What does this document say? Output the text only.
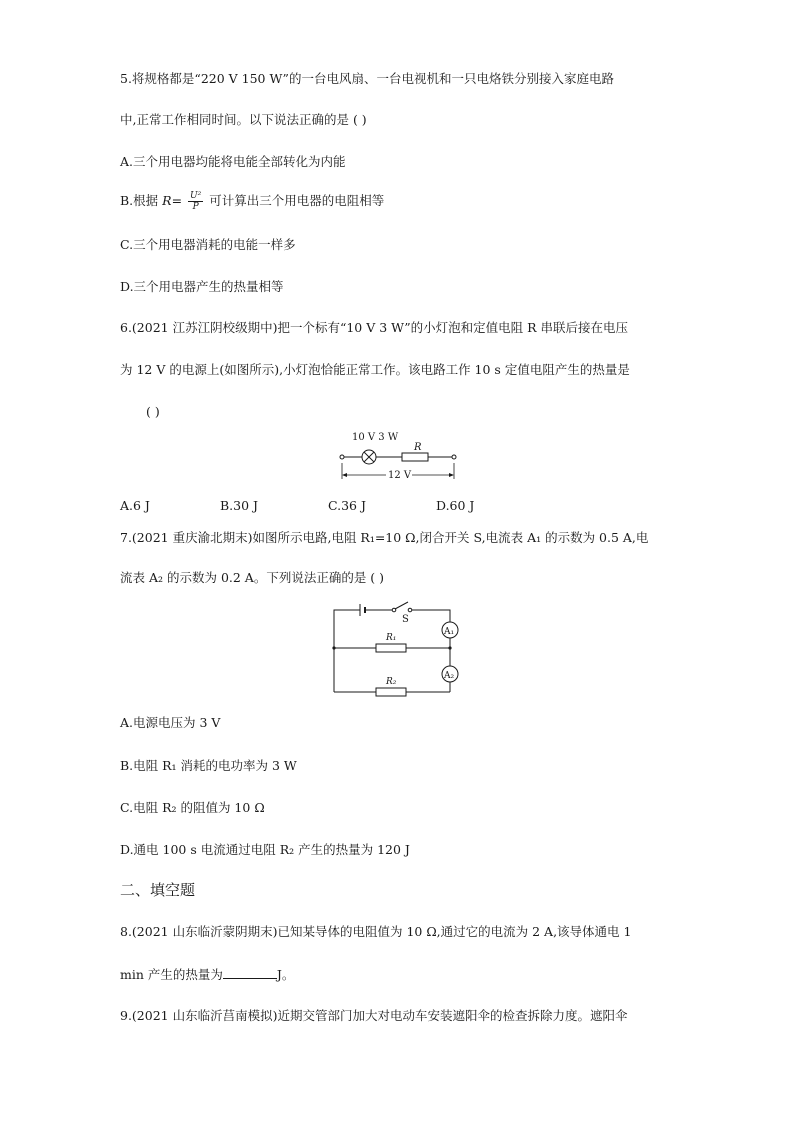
5.将规格都是“220 V 150 W”的一台电风扇、一台电视机和一只电烙铁分别接入家庭电路
中,正常工作相同时间。以下说法正确的是 ( )
A.三个用电器均能将电能全部转化为内能
B.根据 $R= \frac{\text{U²}}{P}$ 可计算出三个用电器的电阻相等
C.三个用电器消耗的电能一样多
D.三个用电器产生的热量相等
6.(2021 江苏江阴校级期中)把一个标有“10 V 3 W”的小灯泡和定值电阻 R 串联后接在电压
为 12 V 的电源上(如图所示),小灯泡恰能正常工作。该电路工作 10 s 定值电阻产生的热量是
( )
10 V 3 W
R
12 V
A.6 J	B.30 J	C.36 J	D.60 J
7.(2021 重庆渝北期末)如图所示电路,电阻 R₁=10 Ω,闭合开关 S,电流表 A₁ 的示数为 0.5 A,电
流表 A₂ 的示数为 0.2 A。下列说法正确的是 ( )
S
A₁
R₁
A₂
R₂
A.电源电压为 3 V
B.电阻 R₁ 消耗的电功率为 3 W
C.电阻 R₂ 的阻值为 10 Ω
D.通电 100 s 电流通过电阻 R₂ 产生的热量为 120 J
二、填空题
8.(2021 山东临沂蒙阴期末)已知某导体的电阻值为 10 Ω,通过它的电流为 2 A,该导体通电 1
min 产生的热量为	J。
9.(2021 山东临沂莒南模拟)近期交管部门加大对电动车安装遮阳伞的检查拆除力度。遮阳伞
